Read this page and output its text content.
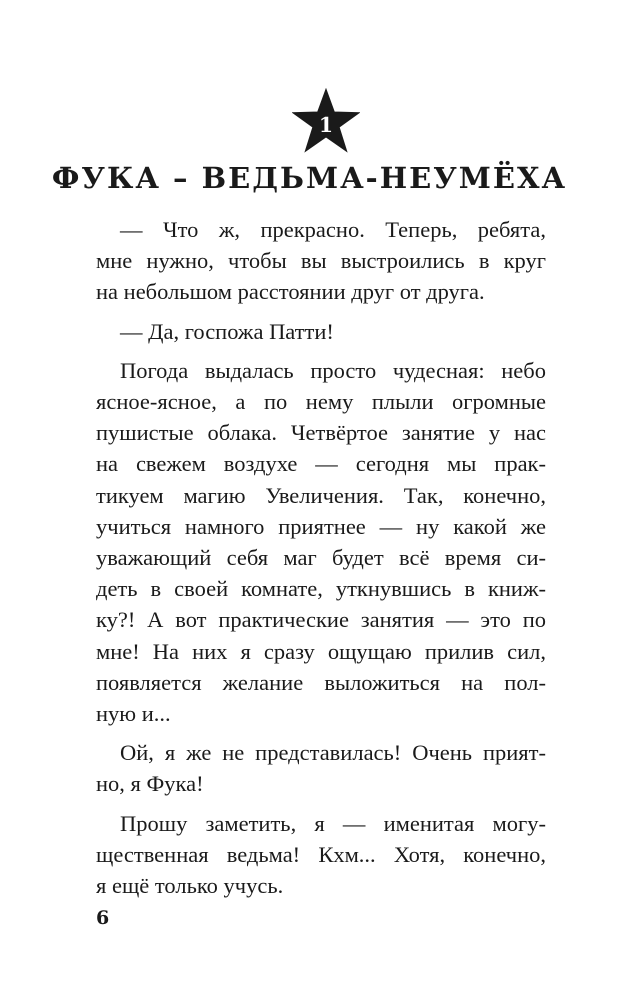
1
ФУКА – ВЕДЬМА-НЕУМЁХА

— Что ж, прекрасно. Теперь, ребята,
мне нужно, чтобы вы выстроились в круг
на небольшом расстоянии друг от друга.

— Да, госпожа Патти!

Погода выдалась просто чудесная: небо
ясное-ясное, а по нему плыли огромные
пушистые облака. Четвёртое занятие у нас
на свежем воздухе — сегодня мы прак-
тикуем магию Увеличения. Так, конечно,
учиться намного приятнее — ну какой же
уважающий себя маг будет всё время си-
деть в своей комнате, уткнувшись в книж-
ку?! А вот практические занятия — это по
мне! На них я сразу ощущаю прилив сил,
появляется желание выложиться на пол-
ную и...

Ой, я же не представилась! Очень прият-
но, я Фука!

Прошу заметить, я — именитая могу-
щественная ведьма! Кхм... Хотя, конечно,
я ещё только учусь.

6
